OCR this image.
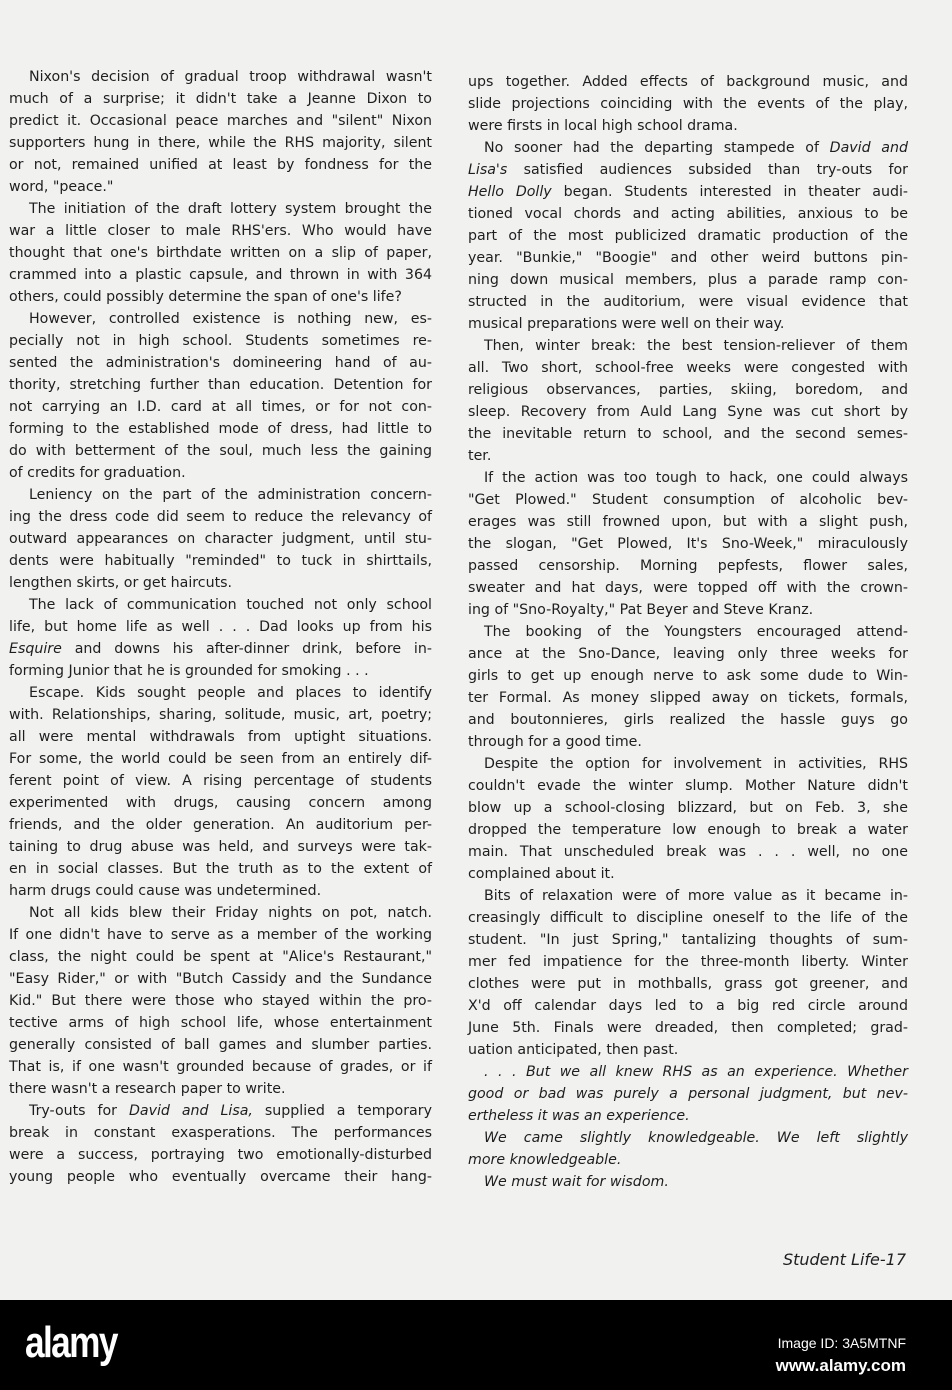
Nixon's decision of gradual troop withdrawal wasn't
much of a surprise; it didn't take a Jeanne Dixon to
predict it. Occasional peace marches and "silent" Nixon
supporters hung in there, while the RHS majority, silent
or not, remained unified at least by fondness for the
word, "peace."
The initiation of the draft lottery system brought the
war a little closer to male RHS'ers. Who would have
thought that one's birthdate written on a slip of paper,
crammed into a plastic capsule, and thrown in with 364
others, could possibly determine the span of one's life?
However, controlled existence is nothing new, es-
pecially not in high school. Students sometimes re-
sented the administration's domineering hand of au-
thority, stretching further than education. Detention for
not carrying an I.D. card at all times, or for not con-
forming to the established mode of dress, had little to
do with betterment of the soul, much less the gaining
of credits for graduation.
Leniency on the part of the administration concern-
ing the dress code did seem to reduce the relevancy of
outward appearances on character judgment, until stu-
dents were habitually "reminded" to tuck in shirttails,
lengthen skirts, or get haircuts.
The lack of communication touched not only school
life, but home life as well . . . Dad looks up from his
Esquire and downs his after-dinner drink, before in-
forming Junior that he is grounded for smoking . . .
Escape. Kids sought people and places to identify
with. Relationships, sharing, solitude, music, art, poetry;
all were mental withdrawals from uptight situations.
For some, the world could be seen from an entirely dif-
ferent point of view. A rising percentage of students
experimented with drugs, causing concern among
friends, and the older generation. An auditorium per-
taining to drug abuse was held, and surveys were tak-
en in social classes. But the truth as to the extent of
harm drugs could cause was undetermined.
Not all kids blew their Friday nights on pot, natch.
If one didn't have to serve as a member of the working
class, the night could be spent at "Alice's Restaurant,"
"Easy Rider," or with "Butch Cassidy and the Sundance
Kid." But there were those who stayed within the pro-
tective arms of high school life, whose entertainment
generally consisted of ball games and slumber parties.
That is, if one wasn't grounded because of grades, or if
there wasn't a research paper to write.
Try-outs for David and Lisa, supplied a temporary
break in constant exasperations. The performances
were a success, portraying two emotionally-disturbed
young people who eventually overcame their hang-
ups together. Added effects of background music, and
slide projections coinciding with the events of the play,
were firsts in local high school drama.
No sooner had the departing stampede of David and
Lisa's satisfied audiences subsided than try-outs for
Hello Dolly began. Students interested in theater audi-
tioned vocal chords and acting abilities, anxious to be
part of the most publicized dramatic production of the
year. "Bunkie," "Boogie" and other weird buttons pin-
ning down musical members, plus a parade ramp con-
structed in the auditorium, were visual evidence that
musical preparations were well on their way.
Then, winter break: the best tension-reliever of them
all. Two short, school-free weeks were congested with
religious observances, parties, skiing, boredom, and
sleep. Recovery from Auld Lang Syne was cut short by
the inevitable return to school, and the second semes-
ter.
If the action was too tough to hack, one could always
"Get Plowed." Student consumption of alcoholic bev-
erages was still frowned upon, but with a slight push,
the slogan, "Get Plowed, It's Sno-Week," miraculously
passed censorship. Morning pepfests, flower sales,
sweater and hat days, were topped off with the crown-
ing of "Sno-Royalty," Pat Beyer and Steve Kranz.
The booking of the Youngsters encouraged attend-
ance at the Sno-Dance, leaving only three weeks for
girls to get up enough nerve to ask some dude to Win-
ter Formal. As money slipped away on tickets, formals,
and boutonnieres, girls realized the hassle guys go
through for a good time.
Despite the option for involvement in activities, RHS
couldn't evade the winter slump. Mother Nature didn't
blow up a school-closing blizzard, but on Feb. 3, she
dropped the temperature low enough to break a water
main. That unscheduled break was . . . well, no one
complained about it.
Bits of relaxation were of more value as it became in-
creasingly difficult to discipline oneself to the life of the
student. "In just Spring," tantalizing thoughts of sum-
mer fed impatience for the three-month liberty. Winter
clothes were put in mothballs, grass got greener, and
X'd off calendar days led to a big red circle around
June 5th. Finals were dreaded, then completed; grad-
uation anticipated, then past.
. . . But we all knew RHS as an experience. Whether
good or bad was purely a personal judgment, but nev-
ertheless it was an experience.
We came slightly knowledgeable. We left slightly
more knowledgeable.
We must wait for wisdom.
Student Life-17
alamy	Image ID: 3A5MTNF
www.alamy.com
